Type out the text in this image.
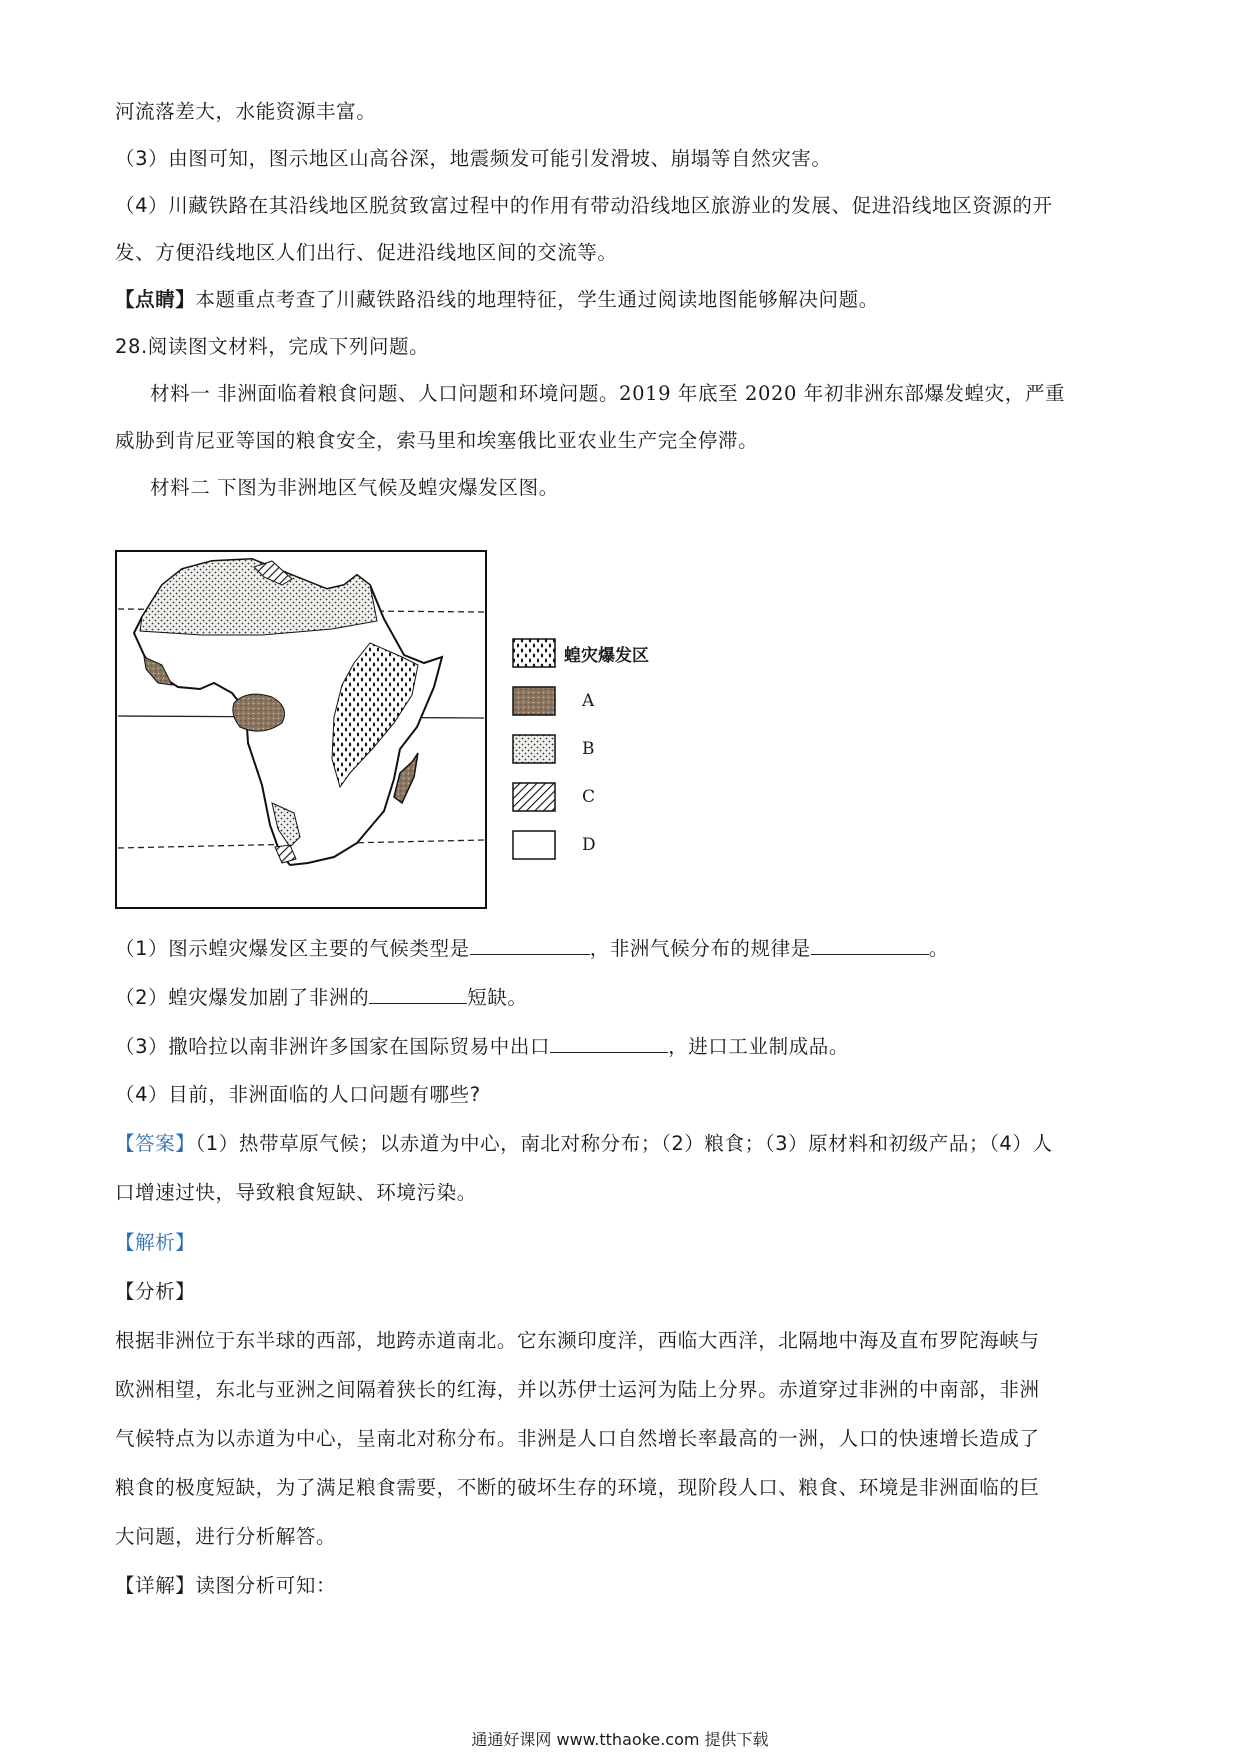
河流落差大，水能资源丰富。
（3）由图可知，图示地区山高谷深，地震频发可能引发滑坡、崩塌等自然灾害。
（4）川藏铁路在其沿线地区脱贫致富过程中的作用有带动沿线地区旅游业的发展、促进沿线地区资源的开
发、方便沿线地区人们出行、促进沿线地区间的交流等。
【点睛】本题重点考查了川藏铁路沿线的地理特征，学生通过阅读地图能够解决问题。
28.阅读图文材料，完成下列问题。
材料一 非洲面临着粮食问题、人口问题和环境问题。2019 年底至 2020 年初非洲东部爆发蝗灾，严重
威胁到肯尼亚等国的粮食安全，索马里和埃塞俄比亚农业生产完全停滞。
材料二 下图为非洲地区气候及蝗灾爆发区图。
蝗灾爆发区
A
B
C
D
（1）图示蝗灾爆发区主要的气候类型是	，非洲气候分布的规律是	。
（2）蝗灾爆发加剧了非洲的	短缺。
（3）撒哈拉以南非洲许多国家在国际贸易中出口	，进口工业制成品。
（4）目前，非洲面临的人口问题有哪些?
【答案】（1）热带草原气候；以赤道为中心，南北对称分布；（2）粮食；（3）原材料和初级产品；（4）人
口增速过快，导致粮食短缺、环境污染。
【解析】
【分析】
根据非洲位于东半球的西部，地跨赤道南北。它东濒印度洋，西临大西洋，北隔地中海及直布罗陀海峡与
欧洲相望，东北与亚洲之间隔着狭长的红海，并以苏伊士运河为陆上分界。赤道穿过非洲的中南部，非洲
气候特点为以赤道为中心，呈南北对称分布。非洲是人口自然增长率最高的一洲，人口的快速增长造成了
粮食的极度短缺，为了满足粮食需要，不断的破坏生存的环境，现阶段人口、粮食、环境是非洲面临的巨
大问题，进行分析解答。
【详解】读图分析可知：
通通好课网 www.tthaoke.com 提供下载
